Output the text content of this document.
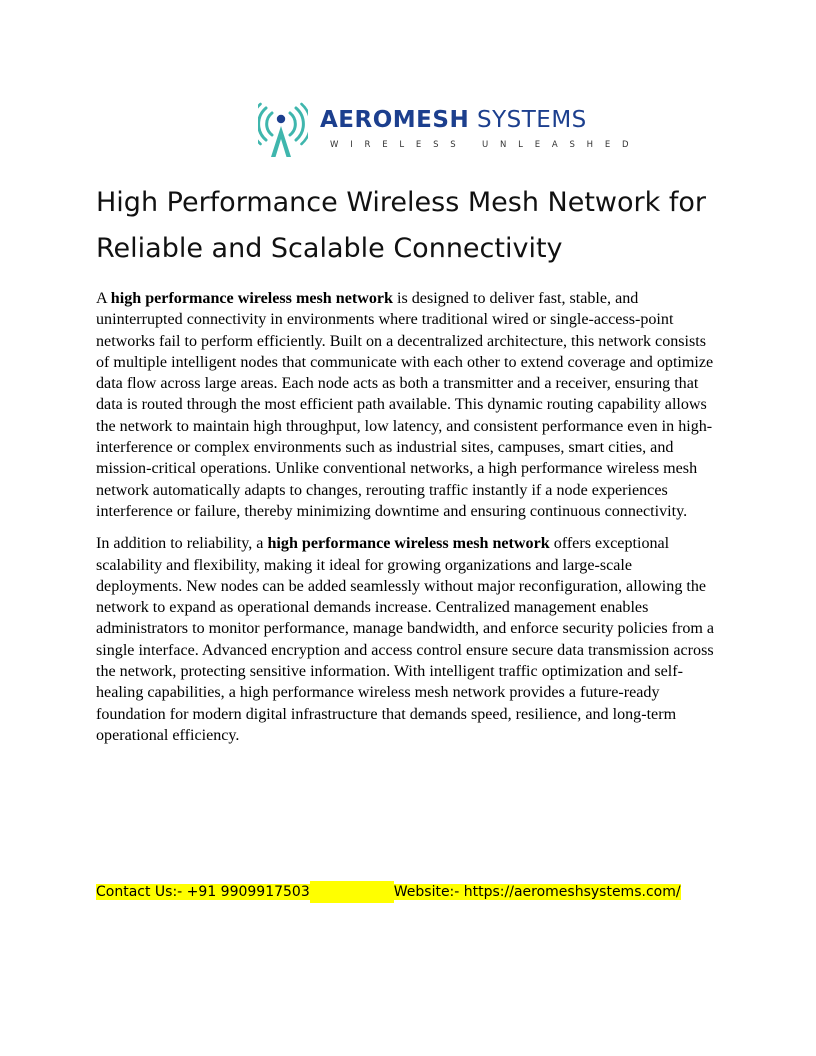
AEROMESH SYSTEMS
WIRELESS UNLEASHED
High Performance Wireless Mesh Network for Reliable and Scalable Connectivity

A high performance wireless mesh network is designed to deliver fast, stable, and uninterrupted connectivity in environments where traditional wired or single-access-point networks fail to perform efficiently. Built on a decentralized architecture, this network consists of multiple intelligent nodes that communicate with each other to extend coverage and optimize data flow across large areas. Each node acts as both a transmitter and a receiver, ensuring that data is routed through the most efficient path available. This dynamic routing capability allows the network to maintain high throughput, low latency, and consistent performance even in high-interference or complex environments such as industrial sites, campuses, smart cities, and mission-critical operations. Unlike conventional networks, a high performance wireless mesh network automatically adapts to changes, rerouting traffic instantly if a node experiences interference or failure, thereby minimizing downtime and ensuring continuous connectivity.

In addition to reliability, a high performance wireless mesh network offers exceptional scalability and flexibility, making it ideal for growing organizations and large-scale deployments. New nodes can be added seamlessly without major reconfiguration, allowing the network to expand as operational demands increase. Centralized management enables administrators to monitor performance, manage bandwidth, and enforce security policies from a single interface. Advanced encryption and access control ensure secure data transmission across the network, protecting sensitive information. With intelligent traffic optimization and self-healing capabilities, a high performance wireless mesh network provides a future-ready foundation for modern digital infrastructure that demands speed, resilience, and long-term operational efficiency.

Contact Us:- +91 9909917503	Website:- https://aeromeshsystems.com/
